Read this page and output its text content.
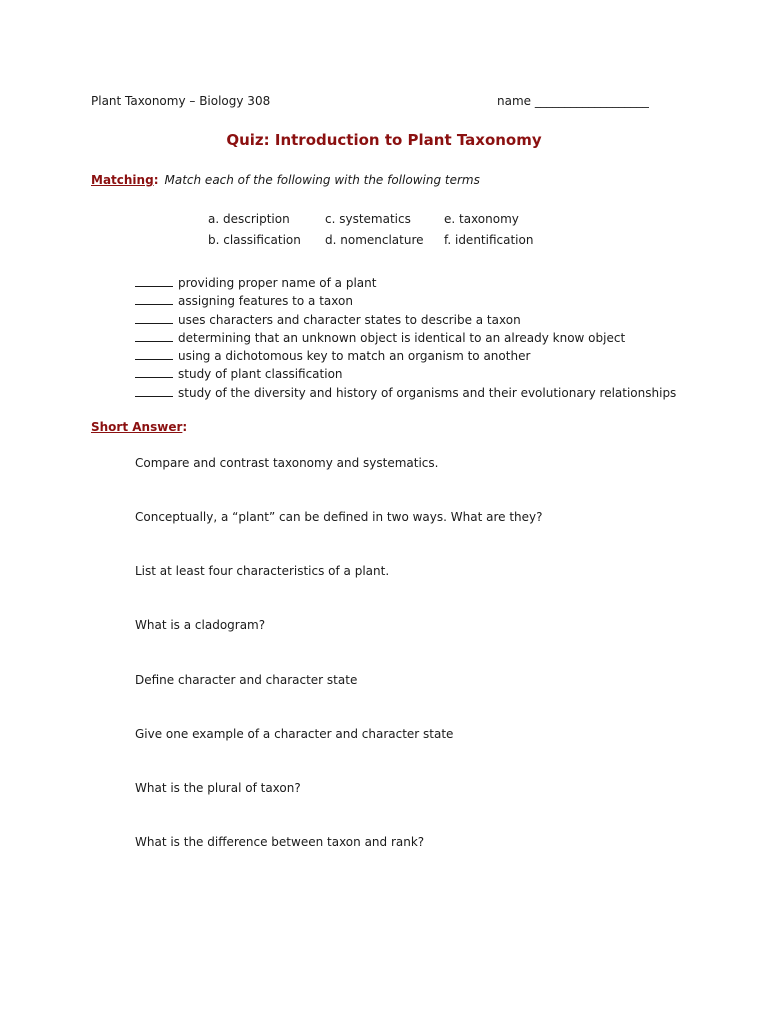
Plant Taxonomy – Biology 308	name ___________________
Quiz: Introduction to Plant Taxonomy
Matching: Match each of the following with the following terms
a. description	c. systematics	e. taxonomy
b. classification	d. nomenclature	f. identification
providing proper name of a plant
assigning features to a taxon
uses characters and character states to describe a taxon
determining that an unknown object is identical to an already know object
using a dichotomous key to match an organism to another
study of plant classification
study of the diversity and history of organisms and their evolutionary relationships
Short Answer:
Compare and contrast taxonomy and systematics.
Conceptually, a “plant” can be defined in two ways. What are they?
List at least four characteristics of a plant.
What is a cladogram?
Define character and character state
Give one example of a character and character state
What is the plural of taxon?
What is the difference between taxon and rank?
